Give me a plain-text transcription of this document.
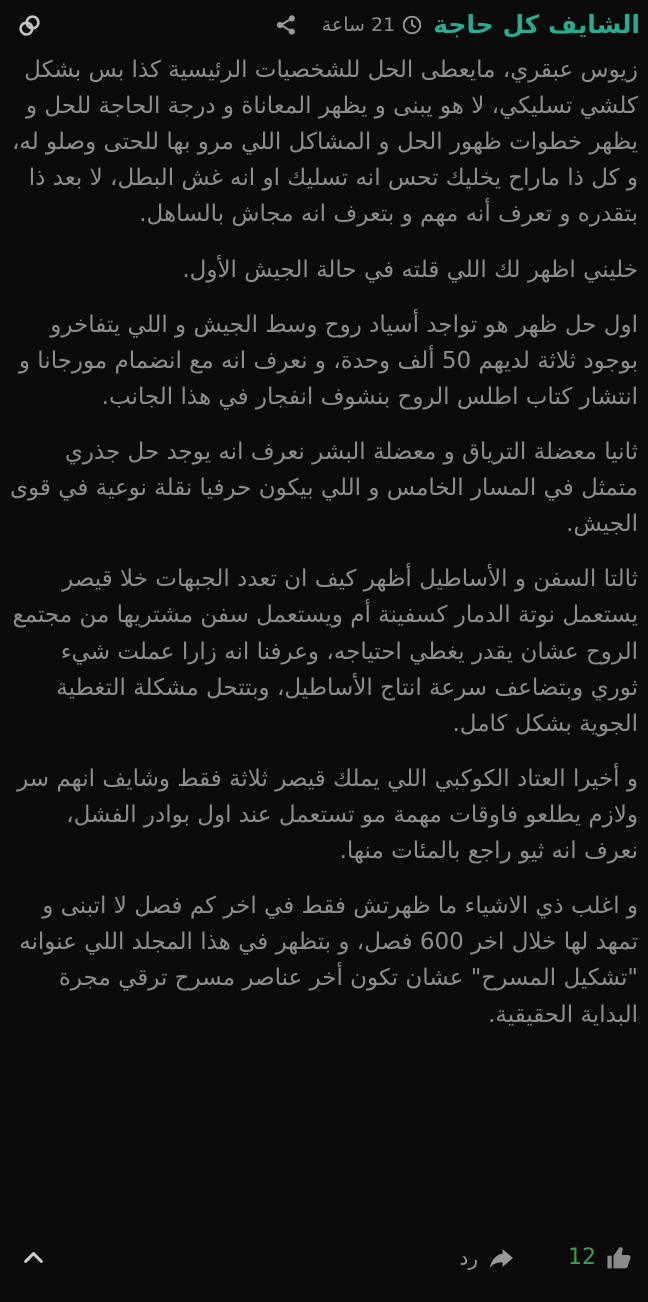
الشايف كل حاجة
21 ساعة

زيوس عبقري، مايعطى الحل للشخصيات الرئيسية كذا بس بشكل كلشي تسليكي، لا هو يبنى و يظهر المعاناة و درجة الحاجة للحل و يظهر خطوات ظهور الحل و المشاكل اللي مرو بها للحتى وصلو له، و كل ذا ماراح يخليك تحس انه تسليك او انه غش البطل، لا بعد ذا بتقدره و تعرف أنه مهم و بتعرف انه مجاش بالساهل.

خليني اظهر لك اللي قلته في حالة الجيش الأول.

اول حل ظهر هو تواجد أسياد روح وسط الجيش و اللي يتفاخرو بوجود ثلاثة لديهم 50 ألف وحدة، و نعرف انه مع انضمام مورجانا و انتشار كتاب اطلس الروح بنشوف انفجار في هذا الجانب.

ثانيا معضلة الترياق و معضلة البشر نعرف انه يوجد حل جذري متمثل في المسار الخامس و اللي بيكون حرفيا نقلة نوعية في قوى الجيش.

ثالتا السفن و الأساطيل أظهر كيف ان تعدد الجبهات خلا قيصر يستعمل نوتة الدمار كسفينة أم ويستعمل سفن مشتريها من مجتمع الروح عشان يقدر يغطي احتياجه، وعرفنا انه زارا عملت شيء ثوري وبتضاعف سرعة انتاج الأساطيل، وبتتحل مشكلة التغطية الجوية بشكل كامل.

و أخيرا العتاد الكوكبي اللي يملك قيصر ثلاثة فقط وشايف انهم سر ولازم يطلعو فاوقات مهمة مو تستعمل عند اول بوادر الفشل، نعرف انه ثيو راجع بالمئات منها.

و اغلب ذي الاشياء ما ظهرتش فقط في اخر كم فصل لا اتبنى و تمهد لها خلال اخر 600 فصل، و بتظهر في هذا المجلد اللي عنوانه "تشكيل المسرح" عشان تكون أخر عناصر مسرح ترقي مجرة البداية الحقيقية.

12
رد
